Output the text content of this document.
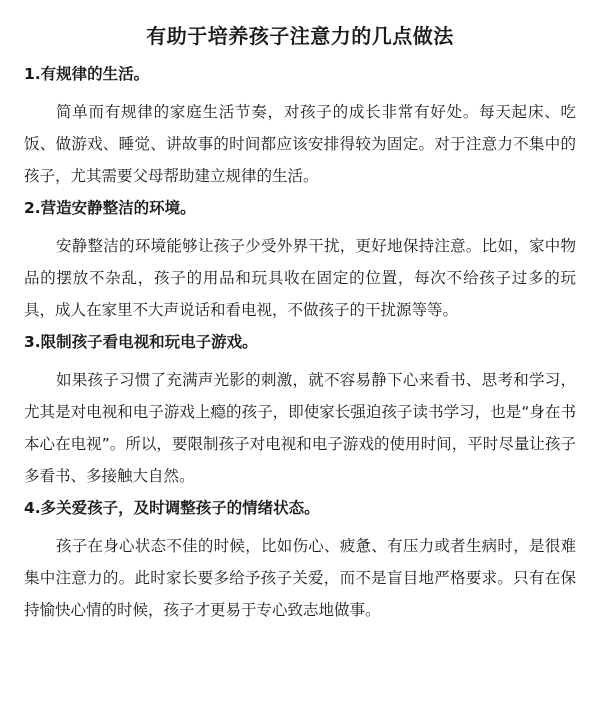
有助于培养孩子注意力的几点做法
1.有规律的生活。

简单而有规律的家庭生活节奏，对孩子的成长非常有好处。每天起床、吃饭、做游戏、睡觉、讲故事的时间都应该安排得较为固定。对于注意力不集中的孩子，尤其需要父母帮助建立规律的生活。

2.营造安静整洁的环境。

安静整洁的环境能够让孩子少受外界干扰，更好地保持注意。比如，家中物品的摆放不杂乱，孩子的用品和玩具收在固定的位置，每次不给孩子过多的玩具，成人在家里不大声说话和看电视，不做孩子的干扰源等等。

3.限制孩子看电视和玩电子游戏。

如果孩子习惯了充满声光影的刺激，就不容易静下心来看书、思考和学习，尤其是对电视和电子游戏上瘾的孩子，即使家长强迫孩子读书学习，也是“身在书本心在电视”。所以，要限制孩子对电视和电子游戏的使用时间，平时尽量让孩子多看书、多接触大自然。

4.多关爱孩子，及时调整孩子的情绪状态。

孩子在身心状态不佳的时候，比如伤心、疲惫、有压力或者生病时，是很难集中注意力的。此时家长要多给予孩子关爱，而不是盲目地严格要求。只有在保持愉快心情的时候，孩子才更易于专心致志地做事。
